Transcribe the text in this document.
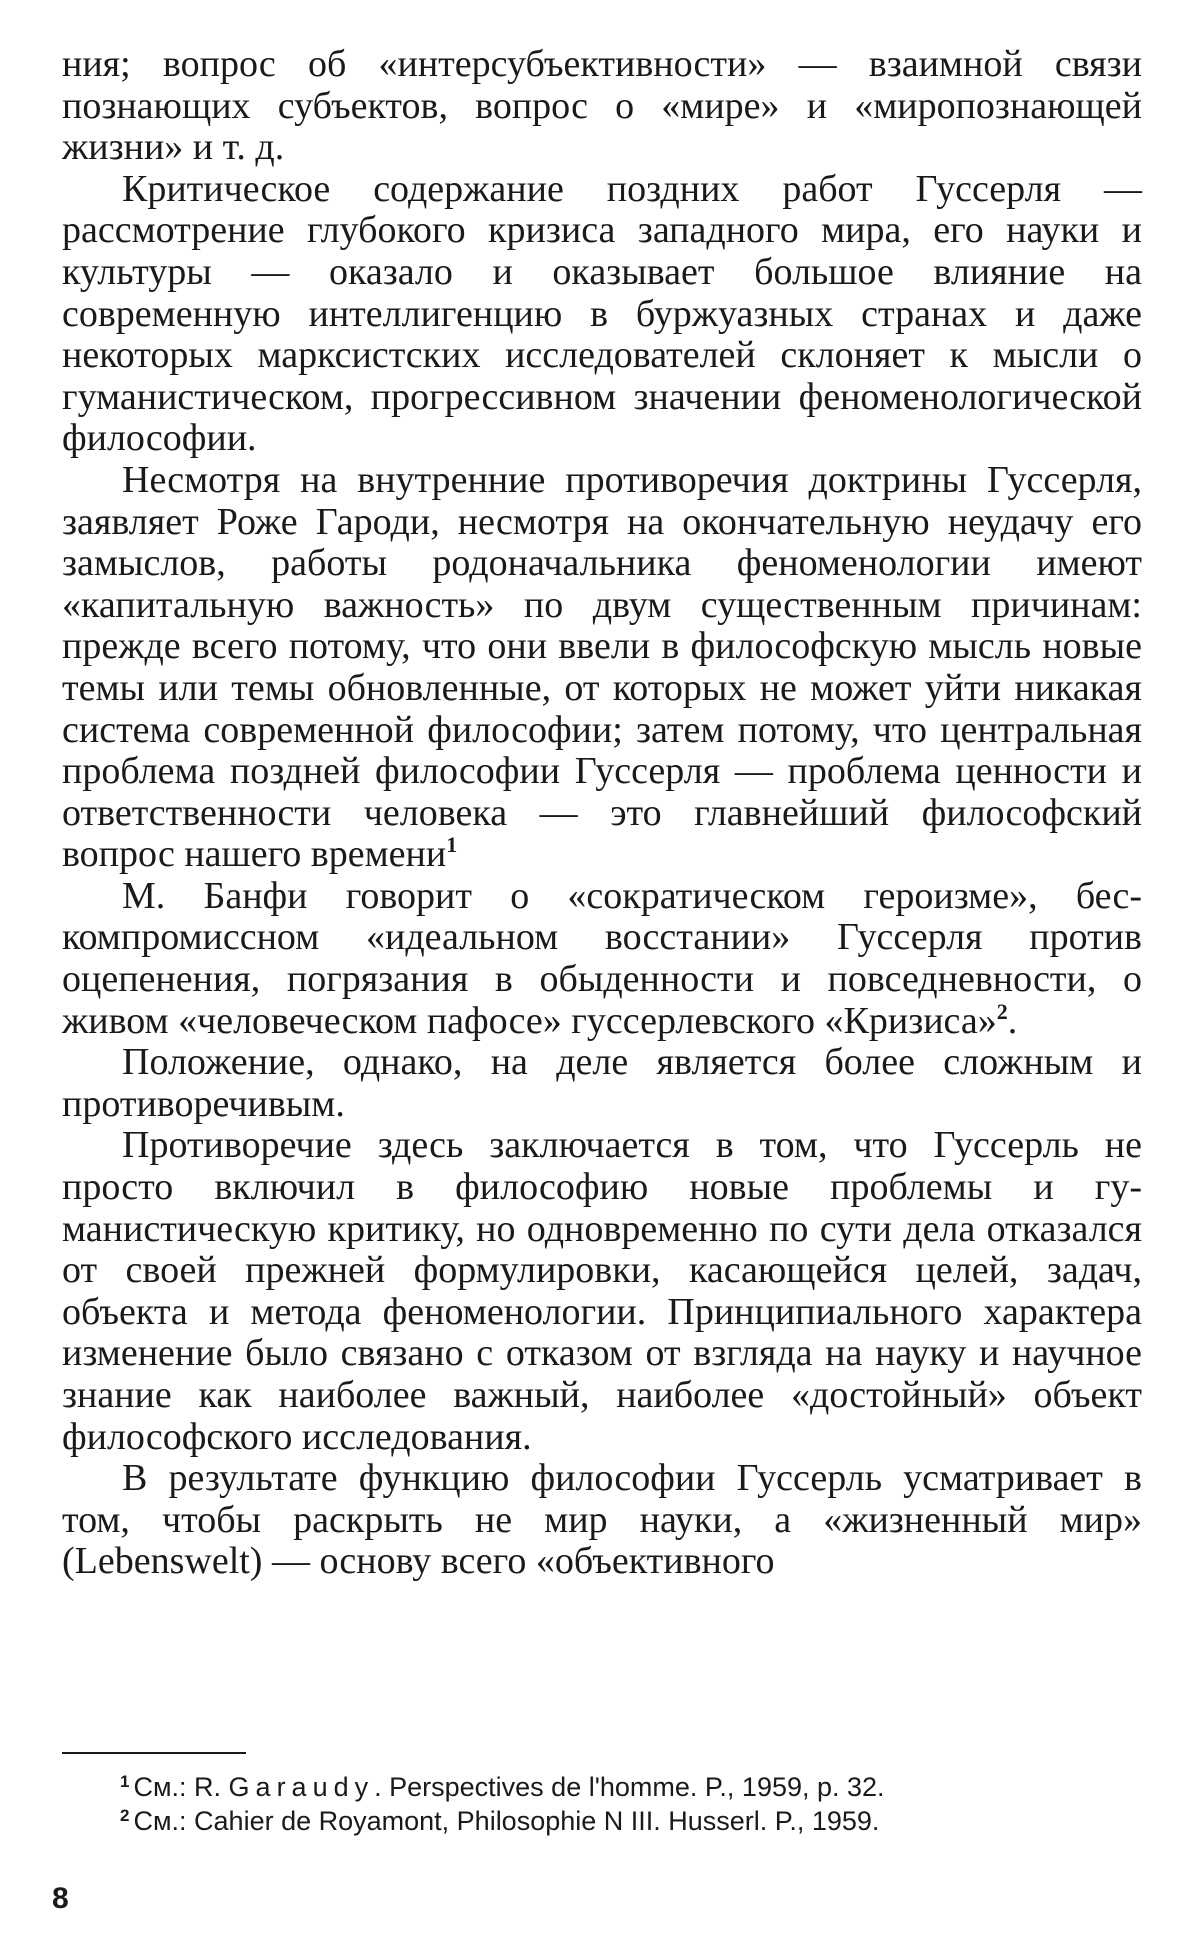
ния; вопрос об «интерсубъективности» — взаимной связи познающих субъектов, вопрос о «мире» и «миропознающей жизни» и т. д.

Критическое содержание поздних работ Гуссерля — рассмотрение глубокого кризиса западного мира, его науки и культуры — оказало и оказывает большое влияние на современную интеллигенцию в буржуазных странах и даже некоторых марксистских исследователей склоняет к мысли о гуманистическом, прогрессивном значении феноменологической философии.

Несмотря на внутренние противоречия доктрины Гуссерля, заявляет Роже Гароди, несмотря на окончательную неудачу его замыслов, работы родоначальника феноменологии имеют «капитальную важность» по двум существенным причинам: прежде всего потому, что они ввели в философскую мысль новые темы или темы обновленные, от которых не может уйти никакая система современной философии; затем потому, что центральная проблема поздней философии Гуссерля — проблема ценности и ответственности человека — это главнейший философский вопрос нашего времени$^1$

М. Банфи говорит о «сократическом героизме», бескомпромиссном «идеальном восстании» Гуссерля против оцепенения, погрязания в обыденности и повседневности, о живом «человеческом пафосе» гуссерлевского «Кризиса»$^2$.

Положение, однако, на деле является более сложным и противоречивым.

Противоречие здесь заключается в том, что Гуссерль не просто включил в философию новые проблемы и гуманистическую критику, но одновременно по сути дела отказался от своей прежней формулировки, касающейся целей, задач, объекта и метода феноменологии. Принципиального характера изменение было связано с отказом от взгляда на науку и научное знание как наиболее важный, наиболее «достойный» объект философского исследования.

В результате функцию философии Гуссерль усматривает в том, чтобы раскрыть не мир науки, а «жизненный мир» (Lebenswelt) — основу всего «объективного

$^1$ См.: R. Garaudy. Perspectives de l'homme. P., 1959, p. 32.

$^2$ См.: Cahier de Royamont, Philosophie N III. Husserl. P., 1959.

8
